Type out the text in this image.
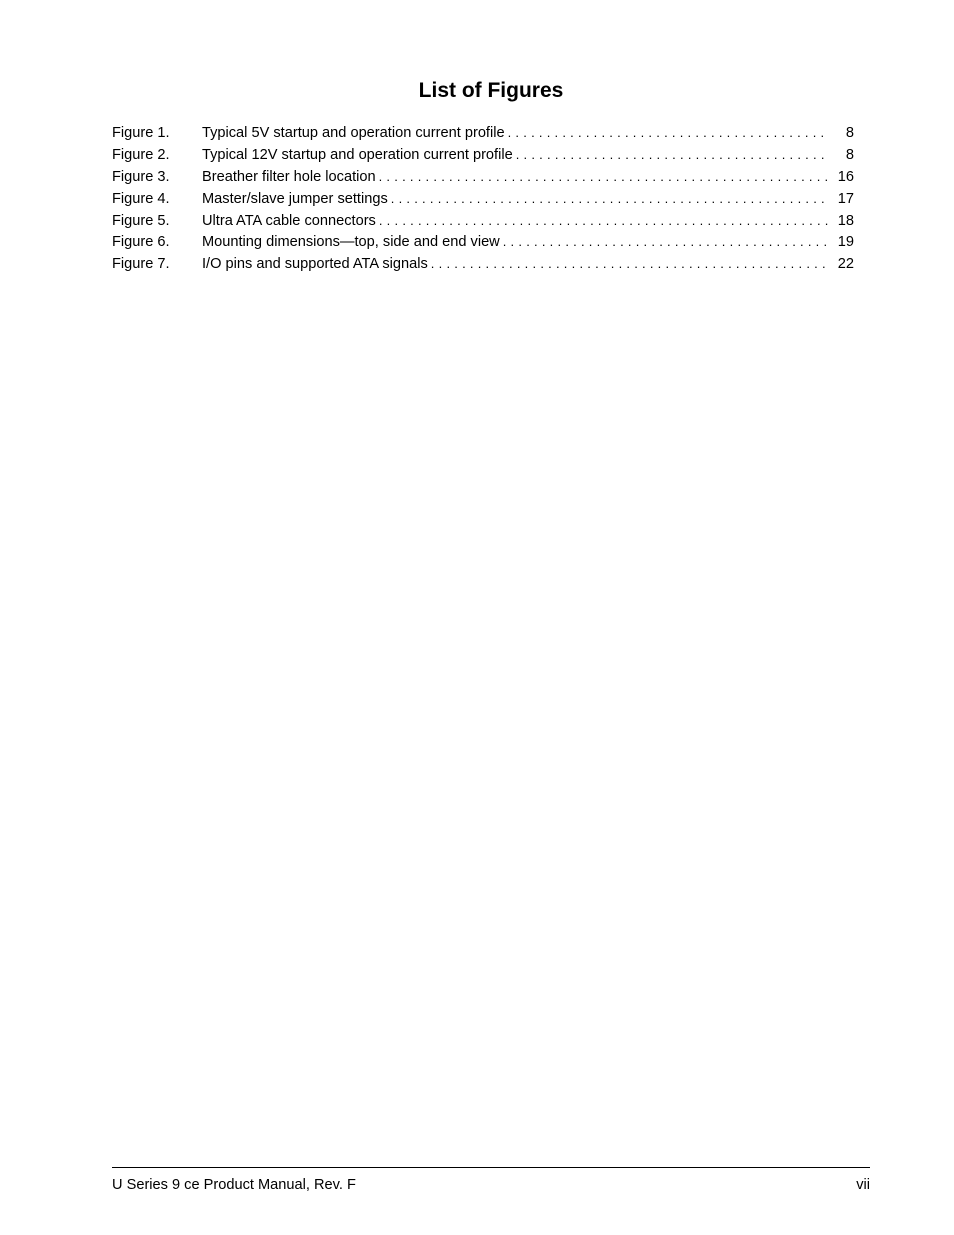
List of Figures
Figure 1.	Typical 5V startup and operation current profile . . .	8
Figure 2.	Typical 12V startup and operation current profile . . .	8
Figure 3.	Breather filter hole location . . .	16
Figure 4.	Master/slave jumper settings . . .	17
Figure 5.	Ultra ATA cable connectors . . .	18
Figure 6.	Mounting dimensions—top, side and end view . . .	19
Figure 7.	I/O pins and supported ATA signals . . .	22
U Series 9 ce Product Manual, Rev. F	vii
